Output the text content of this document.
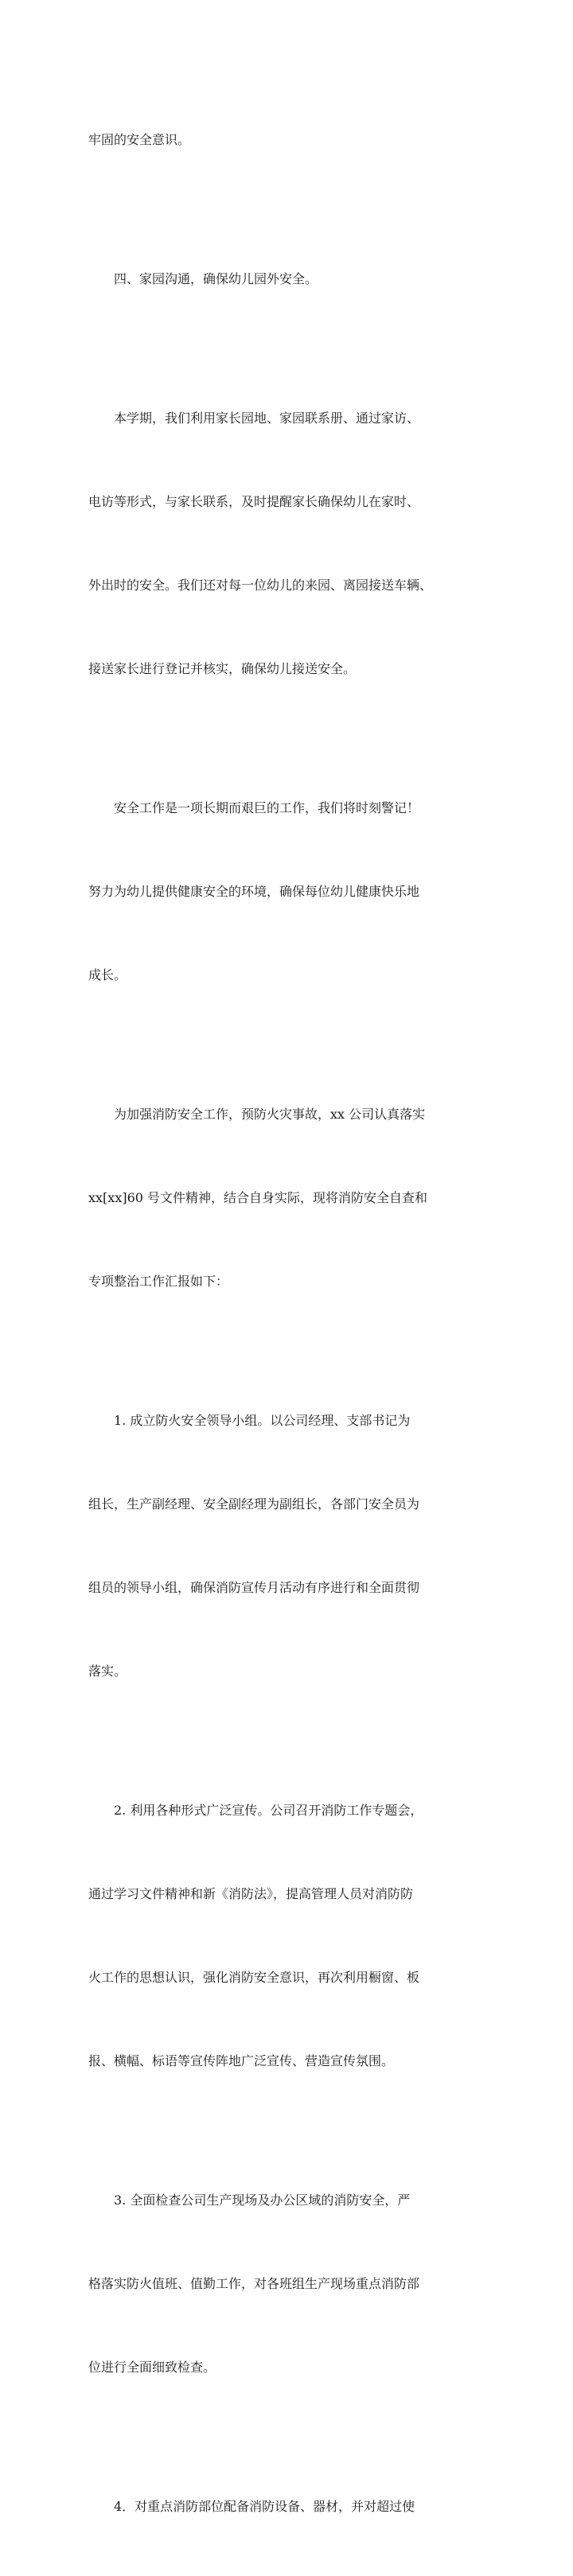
牢固的安全意识。

四、家园沟通，确保幼儿园外安全。

本学期，我们利用家长园地、家园联系册、通过家访、

电访等形式，与家长联系，及时提醒家长确保幼儿在家时、

外出时的安全。我们还对每一位幼儿的来园、离园接送车辆、

接送家长进行登记并核实，确保幼儿接送安全。

安全工作是一项长期而艰巨的工作，我们将时刻警记！

努力为幼儿提供健康安全的环境，确保每位幼儿健康快乐地

成长。

为加强消防安全工作，预防火灾事故，xx 公司认真落实

xx[xx]60 号文件精神，结合自身实际，现将消防安全自查和

专项整治工作汇报如下：

1. 成立防火安全领导小组。以公司经理、支部书记为

组长，生产副经理、安全副经理为副组长，各部门安全员为

组员的领导小组，确保消防宣传月活动有序进行和全面贯彻

落实。

2. 利用各种形式广泛宣传。公司召开消防工作专题会，

通过学习文件精神和新《消防法》，提高管理人员对消防防

火工作的思想认识，强化消防安全意识，再次利用橱窗、板

报、横幅、标语等宣传阵地广泛宣传、营造宣传氛围。

3. 全面检查公司生产现场及办公区域的消防安全，严

格落实防火值班、值勤工作，对各班组生产现场重点消防部

位进行全面细致检查。

4．对重点消防部位配备消防设备、器材，并对超过使
